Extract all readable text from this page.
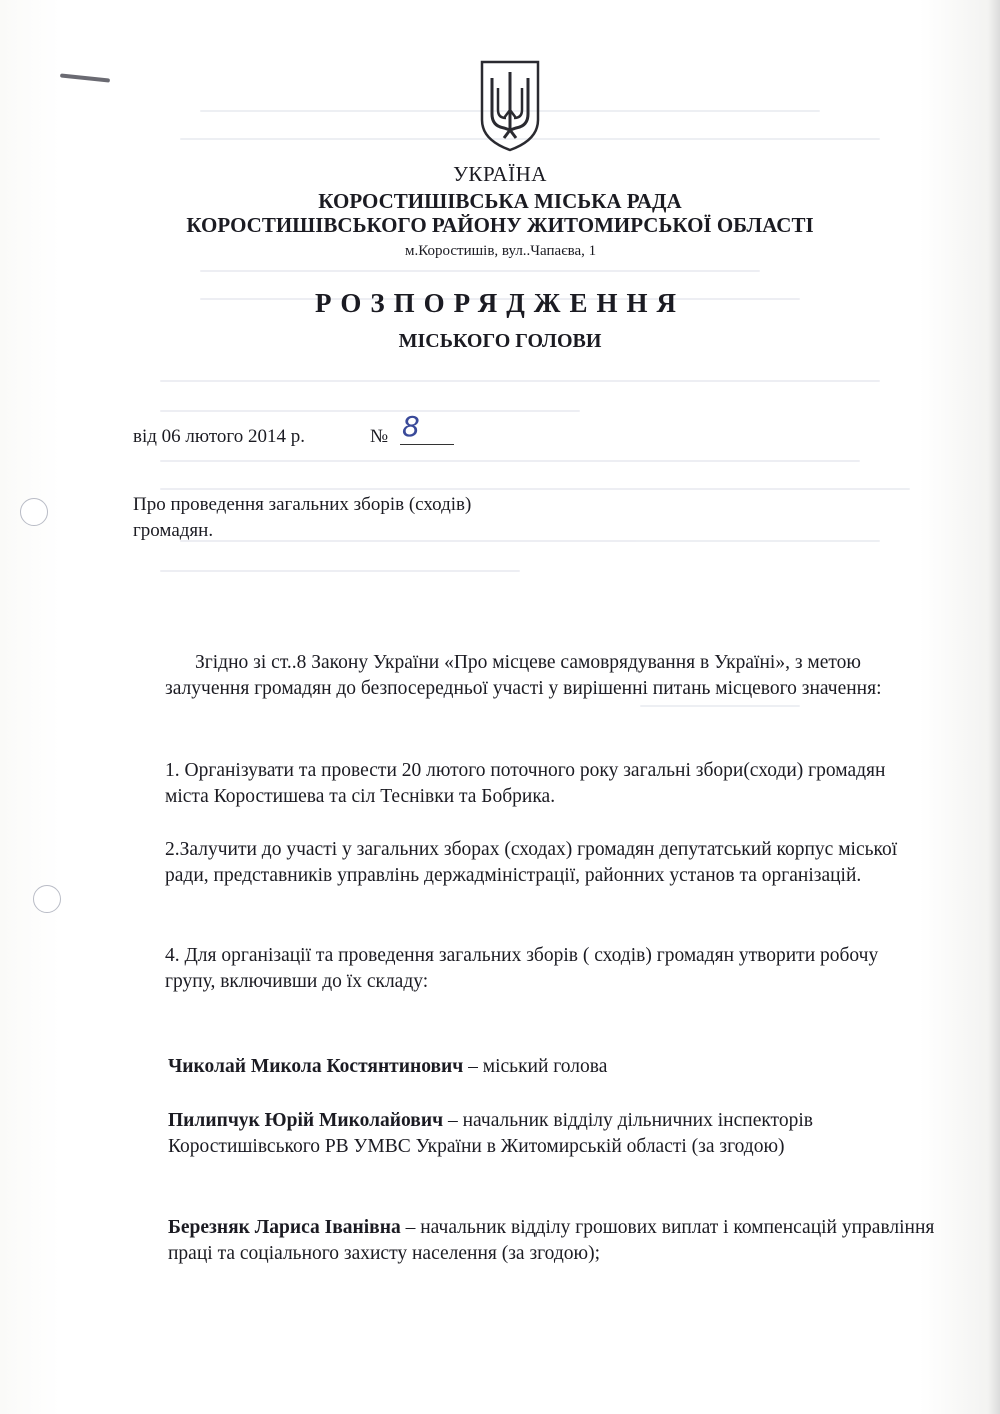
УКРАЇНА
КОРОСТИШІВСЬКА МІСЬКА РАДА
КОРОСТИШІВСЬКОГО РАЙОНУ ЖИТОМИРСЬКОЇ ОБЛАСТІ
м.Коростишів, вул..Чапаєва, 1
РОЗПОРЯДЖЕННЯ
МІСЬКОГО ГОЛОВИ
від 06 лютого 2014 р.	№ 8
Про проведення загальних зборів (сходів) громадян.
Згідно зі ст..8 Закону України «Про місцеве самоврядування в Україні», з метою залучення громадян до безпосередньої участі у вирішенні питань місцевого значення:
1. Організувати та провести 20 лютого поточного року загальні збори(сходи) громадян міста Коростишева та сіл Теснівки та Бобрика.
2.Залучити до участі у загальних зборах (сходах) громадян депутатський корпус міської ради, представників управлінь держадміністрації, районних установ та організацій.
4. Для організації та проведення загальних зборів ( сходів) громадян утворити робочу групу, включивши до їх складу:
Чиколай Микола Костянтинович – міський голова
Пилипчук Юрій Миколайович – начальник відділу дільничних інспекторів Коростишівського РВ УМВС України в Житомирській області (за згодою)
Березняк Лариса Іванівна – начальник відділу грошових виплат і компенсацій управління праці та соціального захисту населення (за згодою);
